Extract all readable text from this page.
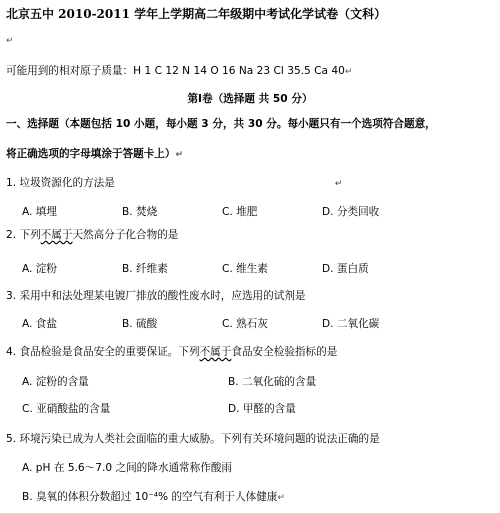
北京五中 2010-2011 学年上学期高二年级期中考试化学试卷（文科）
↵
可能用到的相对原子质量：H 1 C 12 N 14 O 16 Na 23 Cl 35.5 Ca 40↵
第Ⅰ卷（选择题 共 50 分）
一、选择题（本题包括 10 小题，每小题 3 分，共 30 分。每小题只有一个选项符合题意，
将正确选项的字母填涂于答题卡上）↵
1. 垃圾资源化的方法是	↵
A. 填埋	B. 焚烧	C. 堆肥	D. 分类回收
2. 下列不属于天然高分子化合物的是
A. 淀粉	B. 纤维素	C. 维生素	D. 蛋白质
3. 采用中和法处理某电镀厂排放的酸性废水时，应选用的试剂是
A. 食盐	B. 硫酸	C. 熟石灰	D. 二氧化碳
4. 食品检验是食品安全的重要保证。下列不属于食品安全检验指标的是
A. 淀粉的含量	B. 二氧化硫的含量
C. 亚硝酸盐的含量	D. 甲醛的含量
5. 环境污染已成为人类社会面临的重大威胁。下列有关环境问题的说法正确的是
A. pH 在 5.6～7.0 之间的降水通常称作酸雨
B. 臭氧的体积分数超过 10⁻⁴% 的空气有利于人体健康↵
